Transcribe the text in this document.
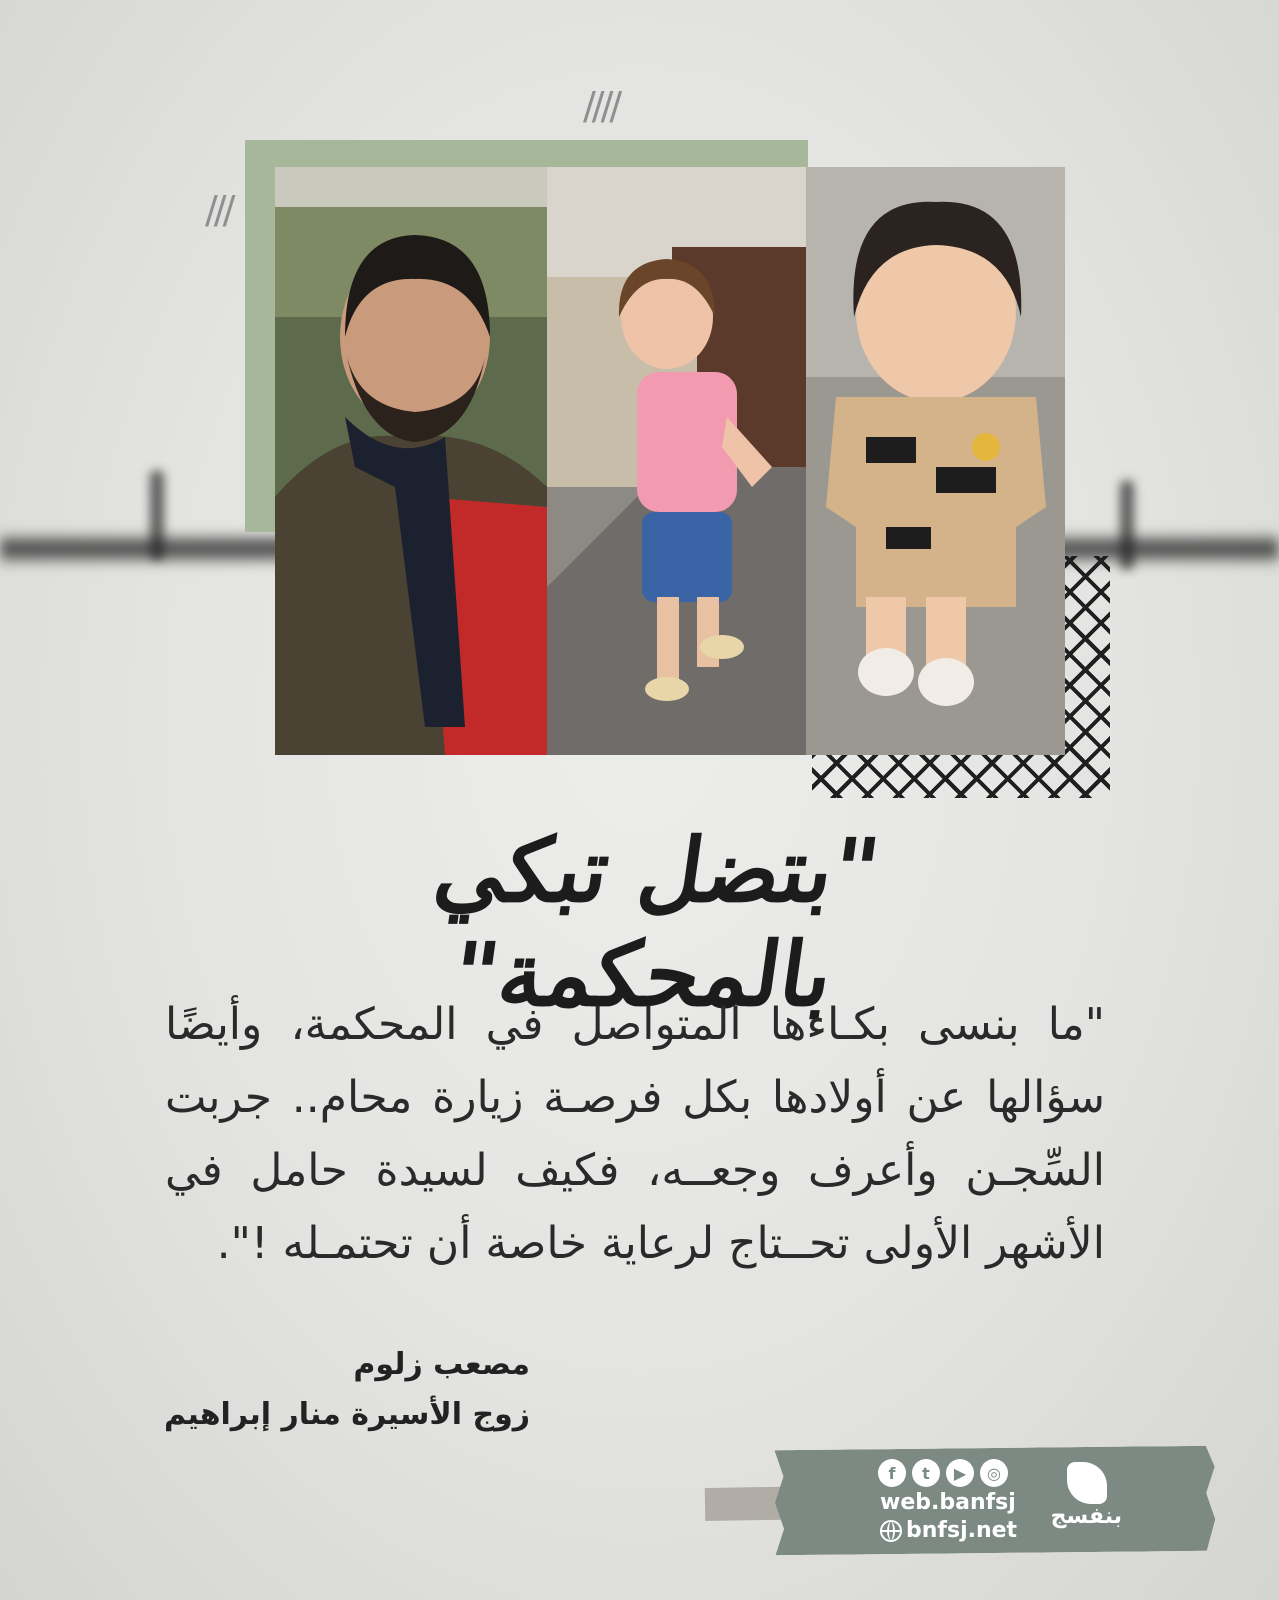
////
///
"بتضل تبكي بالمحكمة"
"ما بنسى بكـاءها المتواصل في المحكمة، وأيضًا سؤالها عن أولادها بكل فرصـة زيارة محام.. جربت السِّجـن وأعرف وجعــه، فكيف لسيدة حامل في الأشهر الأولى تحــتاج لرعاية خاصة أن تحتمـله !".
مصعب زلوم
زوج الأسيرة منار إبراهيم
f	t	▶	◎
web.banfsj
bnfsj.net
بنفسج
